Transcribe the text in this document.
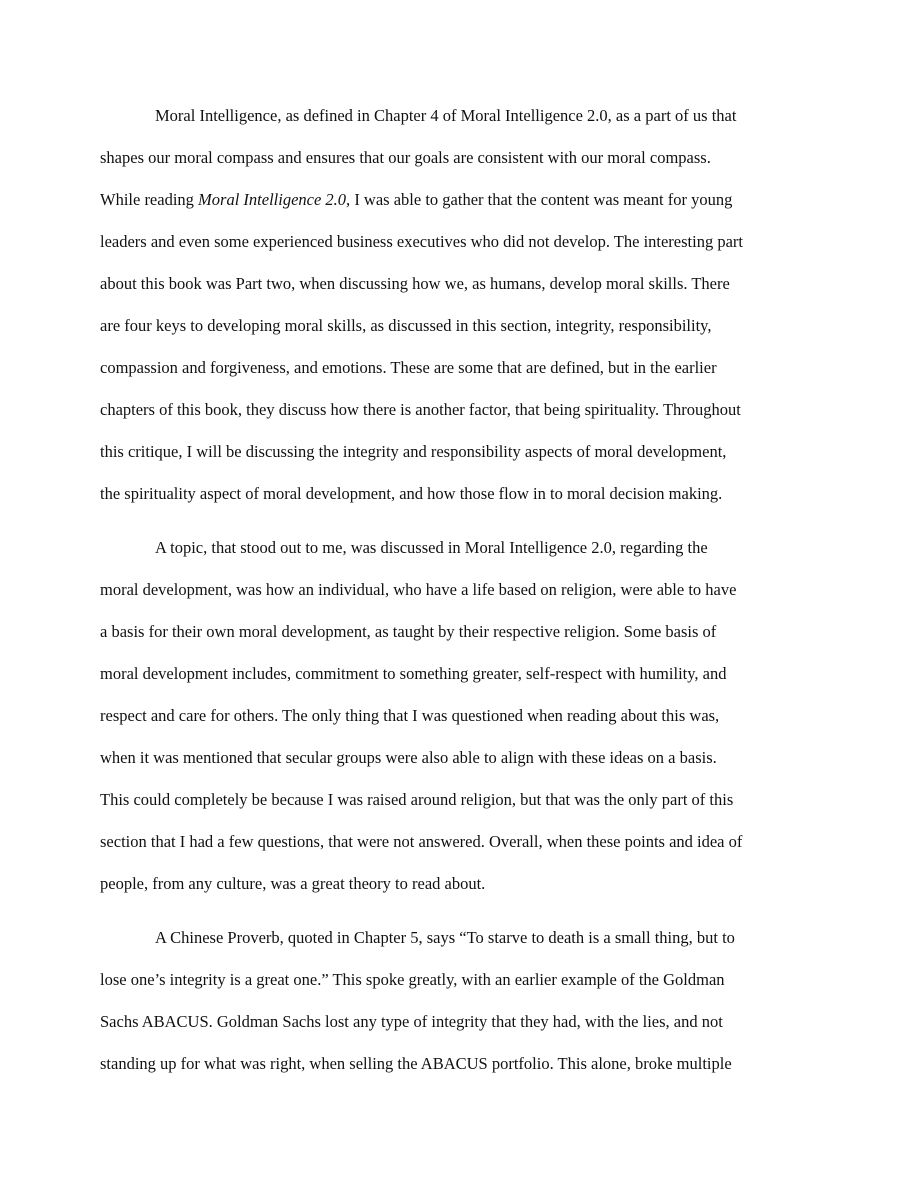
Moral Intelligence, as defined in Chapter 4 of Moral Intelligence 2.0, as a part of us that
shapes our moral compass and ensures that our goals are consistent with our moral compass.
While reading Moral Intelligence 2.0, I was able to gather that the content was meant for young
leaders and even some experienced business executives who did not develop. The interesting part
about this book was Part two, when discussing how we, as humans, develop moral skills. There
are four keys to developing moral skills, as discussed in this section, integrity, responsibility,
compassion and forgiveness, and emotions. These are some that are defined, but in the earlier
chapters of this book, they discuss how there is another factor, that being spirituality. Throughout
this critique, I will be discussing the integrity and responsibility aspects of moral development,
the spirituality aspect of moral development, and how those flow in to moral decision making.
A topic, that stood out to me, was discussed in Moral Intelligence 2.0, regarding the
moral development, was how an individual, who have a life based on religion, were able to have
a basis for their own moral development, as taught by their respective religion. Some basis of
moral development includes, commitment to something greater, self-respect with humility, and
respect and care for others. The only thing that I was questioned when reading about this was,
when it was mentioned that secular groups were also able to align with these ideas on a basis.
This could completely be because I was raised around religion, but that was the only part of this
section that I had a few questions, that were not answered. Overall, when these points and idea of
people, from any culture, was a great theory to read about.
A Chinese Proverb, quoted in Chapter 5, says “To starve to death is a small thing, but to
lose one’s integrity is a great one.” This spoke greatly, with an earlier example of the Goldman
Sachs ABACUS. Goldman Sachs lost any type of integrity that they had, with the lies, and not
standing up for what was right, when selling the ABACUS portfolio. This alone, broke multiple
